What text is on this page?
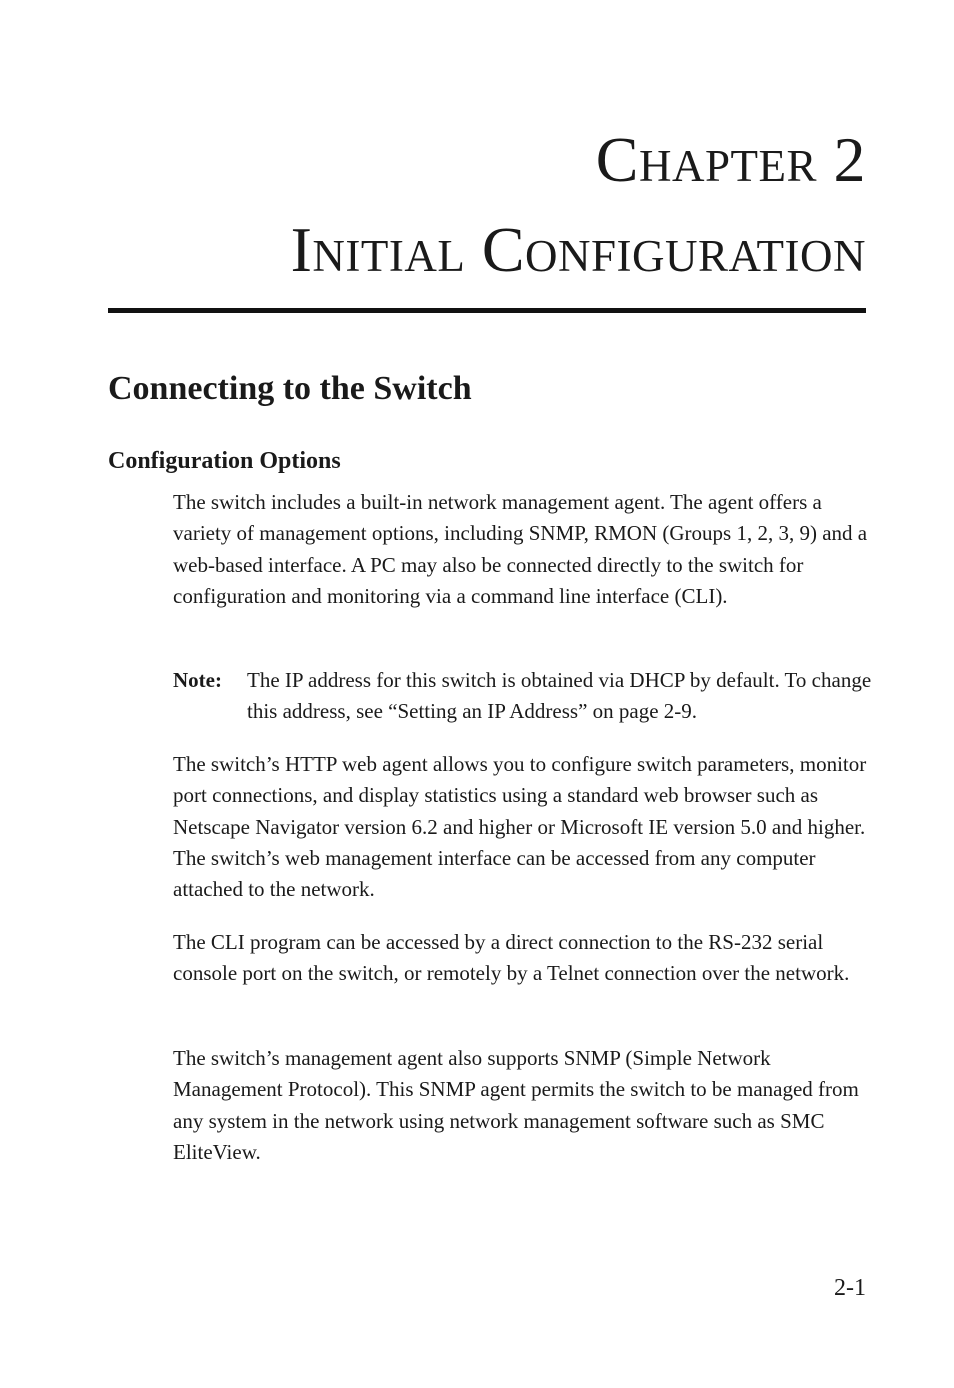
Chapter 2
Initial Configuration
Connecting to the Switch
Configuration Options

The switch includes a built-in network management agent. The agent offers a variety of management options, including SNMP, RMON (Groups 1, 2, 3, 9) and a web-based interface. A PC may also be connected directly to the switch for configuration and monitoring via a command line interface (CLI).

Note: The IP address for this switch is obtained via DHCP by default. To change this address, see “Setting an IP Address” on page 2-9.

The switch’s HTTP web agent allows you to configure switch parameters, monitor port connections, and display statistics using a standard web browser such as Netscape Navigator version 6.2 and higher or Microsoft IE version 5.0 and higher. The switch’s web management interface can be accessed from any computer attached to the network.

The CLI program can be accessed by a direct connection to the RS-232 serial console port on the switch, or remotely by a Telnet connection over the network.

The switch’s management agent also supports SNMP (Simple Network Management Protocol). This SNMP agent permits the switch to be managed from any system in the network using network management software such as SMC EliteView.

2-1
